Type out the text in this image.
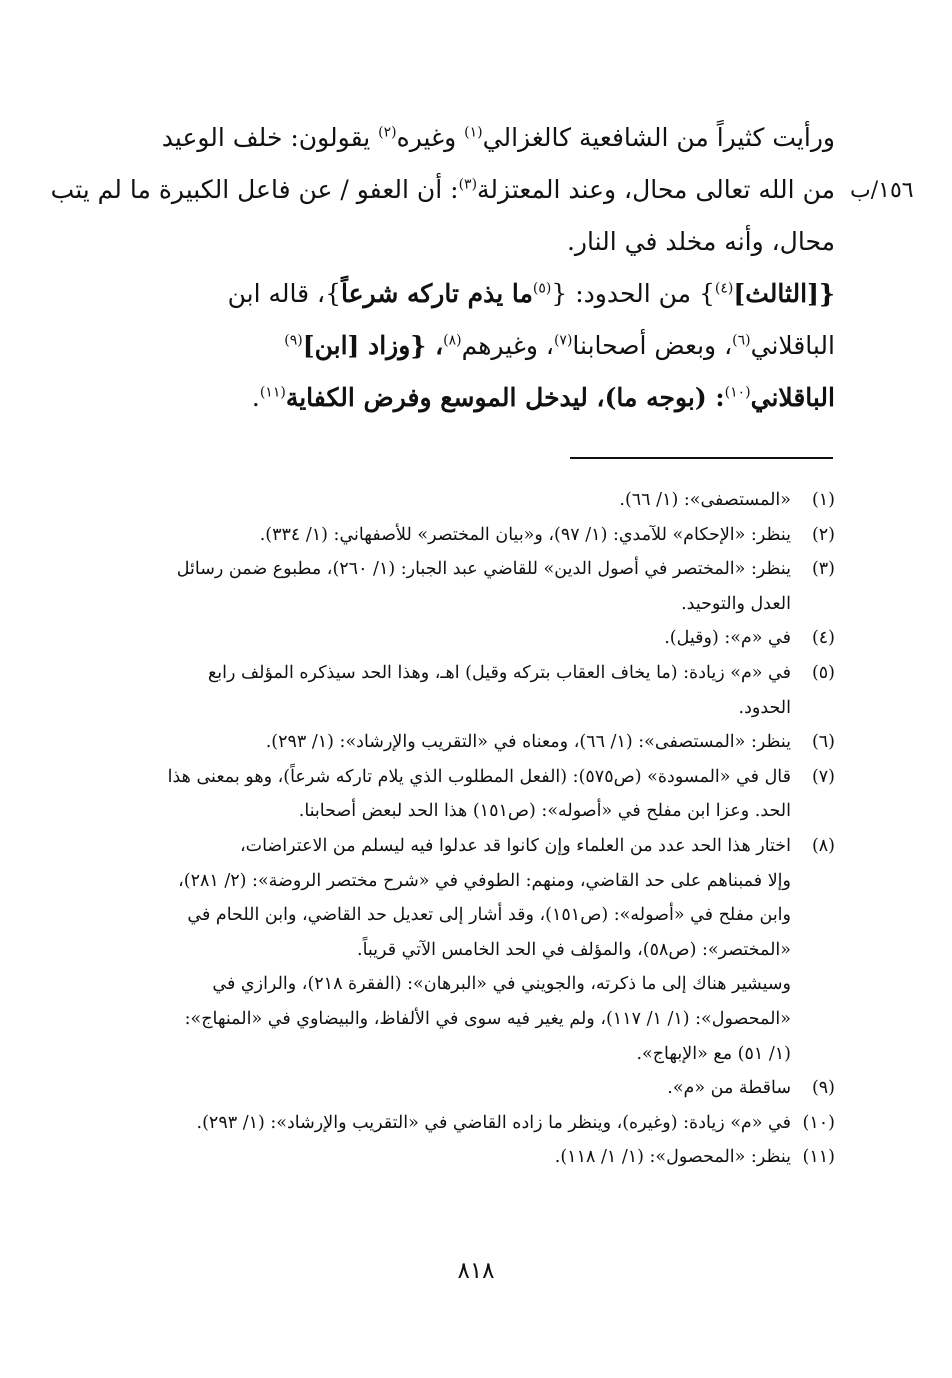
١٥٦/ب
ورأيت كثيراً من الشافعية كالغزالي$^{(١)}$ وغيره$^{(٢)}$ يقولون: خلف الوعيد
من الله تعالى محال، وعند المعتزلة$^{(٣)}$: أن العفو / عن فاعل الكبيرة ما لم يتب
محال، وأنه مخلد في النار.
{[الثالث]$^{(٤)}$} من الحدود: {$^{(٥)}$ما يذم تاركه شرعاً}، قاله ابن
الباقلاني$^{(٦)}$، وبعض أصحابنا$^{(٧)}$، وغيرهم$^{(٨)}$، {وزاد [ابن]$^{(٩)}$
الباقلاني$^{(١٠)}$: (بوجه ما)، ليدخل الموسع وفرض الكفاية$^{(١١)}$.
(١)
«المستصفى»: (١/ ٦٦).
(٢)
ينظر: «الإحكام» للآمدي: (١/ ٩٧)، و«بيان المختصر» للأصفهاني: (١/ ٣٣٤).
(٣)
ينظر: «المختصر في أصول الدين» للقاضي عبد الجبار: (١/ ٢٦٠)، مطبوع ضمن رسائل
العدل والتوحيد.
(٤)
في «م»: (وقيل).
(٥)
في «م» زيادة: (ما يخاف العقاب بتركه وقيل) اهـ، وهذا الحد سيذكره المؤلف رابع
الحدود.
(٦)
ينظر: «المستصفى»: (١/ ٦٦)، ومعناه في «التقريب والإرشاد»: (١/ ٢٩٣).
(٧)
قال في «المسودة» (ص٥٧٥): (الفعل المطلوب الذي يلام تاركه شرعاً)، وهو بمعنى هذا
الحد. وعزا ابن مفلح في «أصوله»: (ص١٥١) هذا الحد لبعض أصحابنا.
(٨)
اختار هذا الحد عدد من العلماء وإن كانوا قد عدلوا فيه ليسلم من الاعتراضات،
وإلا فمبناهم على حد القاضي، ومنهم: الطوفي في «شرح مختصر الروضة»: (٢/ ٢٨١)،
وابن مفلح في «أصوله»: (ص١٥١)، وقد أشار إلى تعديل حد القاضي، وابن اللحام في
«المختصر»: (ص٥٨)، والمؤلف في الحد الخامس الآتي قريباً.
وسيشير هناك إلى ما ذكرته، والجويني في «البرهان»: (الفقرة ٢١٨)، والرازي في
«المحصول»: (١/ ١/ ١١٧)، ولم يغير فيه سوى في الألفاظ، والبيضاوي في «المنهاج»:
(١/ ٥١) مع «الإبهاج».
(٩)
ساقطة من «م».
(١٠)
في «م» زيادة: (وغيره)، وينظر ما زاده القاضي في «التقريب والإرشاد»: (١/ ٢٩٣).
(١١)
ينظر: «المحصول»: (١/ ١/ ١١٨).
٨١٨
